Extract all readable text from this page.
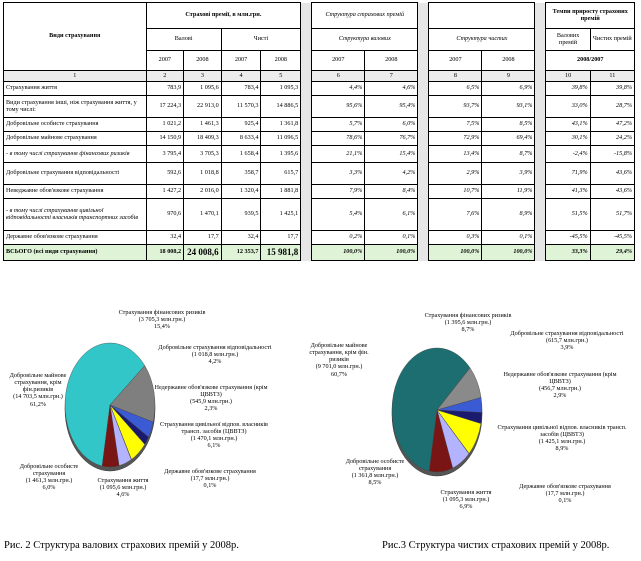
Види страхування	Страхові премії, в млн.грн.					Структура страхових премій						Темпи приросту страхових премій	
	Валові		Чисті			Структура валових			Структура чистих			Валових премій	Чистих премій
	2007	2008	2007	2008		2007	2008		2007	2008		2008/2007	
1	2	3	4	5		6	7		8	9		10	11
Страхування життя	783,9	1 095,6	783,4	1 095,3		4,4%	4,6%		6,5%	6,9%		39,8%	39,8%
Види страхування інші, ніж страхування життя, у тому числі:	17 224,3	22 913,0	11 570,3	14 886,5		95,6%	95,4%		93,7%	93,1%		33,0%	28,7%
Добровільне особисте страхування	1 021,2	1 461,3	925,4	1 361,8		5,7%	6,0%		7,5%	8,5%		43,1%	47,2%
Добровільне майнове страхування	14 150,9	18 409,3	8 633,4	11 096,5		78,6%	76,7%		72,9%	69,4%		30,1%	24,2%
- в тому числі страхування фінансових ризиків	3 795,4	3 705,3	1 658,4	1 395,6		21,1%	15,4%		13,4%	8,7%		-2,4%	-15,8%
Добровільне страхування відповідальності	592,6	1 018,8	358,7	615,7		3,3%	4,2%		2,9%	3,9%		71,9%	43,6%
Неведжавне обов'язкове страхування	1 427,2	2 016,0	1 320,4	1 881,8		7,9%	8,4%		10,7%	11,9%		41,3%	43,6%
- в тому числі страхування цивільної відповідальності власників транспортних засобів	970,6	1 470,1	939,5	1 425,1		5,4%	6,1%		7,6%	8,9%		51,5%	51,7%
Державне обов'язкове страхування	32,4	17,7	32,4	17,7		0,2%	0,1%		0,3%	0,1%		-45,5%	-45,5%
ВСЬОГО (всі види страхування)	18 008,2	24 008,6	12 353,7	15 981,8		100,0%	100,0%		100,0%	100,0%		33,3%	29,4%
Добровільне майнове страхування, крім фін.ризиків
(14 703,5 млн.грн.)
61,2%
Страхування фінансових ризиків
(3 705,3 млн.грн.)
15,4%
Добровільне страхування відповідальності
(1 018,8 млн.грн.)
4,2%
Недержавне обов'язкове страхування (крім ЦВВТЗ)
(545,9 млн.грн.)
2,3%
Страхування цивільної відпов. власників трансп. засобів (ЦВВТЗ)
(1 470,1 млн.грн.)
6,1%
Державне обов'язкове страхування
(17,7 млн.грн.)
0,1%
Страхування життя
(1 095,6 млн.грн.)
4,6%
Добровільне особисте страхування
(1 461,3 млн.грн.)
6,0%
Добровільне майнове страхування, крім фін. ризиків
(9 701,0 млн.грн.)
60,7%
Страхування фінансових ризиків
(1 395,6 млн.грн.)
8,7%
Добровільне страхування відповідальності
(615,7 млн.грн.)
3,9%
Недержавне обов'язкове страхування (крім ЦВВТЗ)
(456,7 млн.грн.)
2,9%
Страхування цивільної відпов. власників трансп. засобів (ЦВВТЗ)
(1 425,1 млн.грн.)
8,9%
Державне обов'язкове страхування
(17,7 млн.грн.)
0,1%
Страхування життя
(1 095,3 млн.грн.)
6,9%
Добровільне особисте страхування
(1 361,8 млн.грн.)
8,5%
Рис. 2 Структура валових страхових премій у 2008р.	Рис.3 Структура чистих страхових премій у 2008р.
